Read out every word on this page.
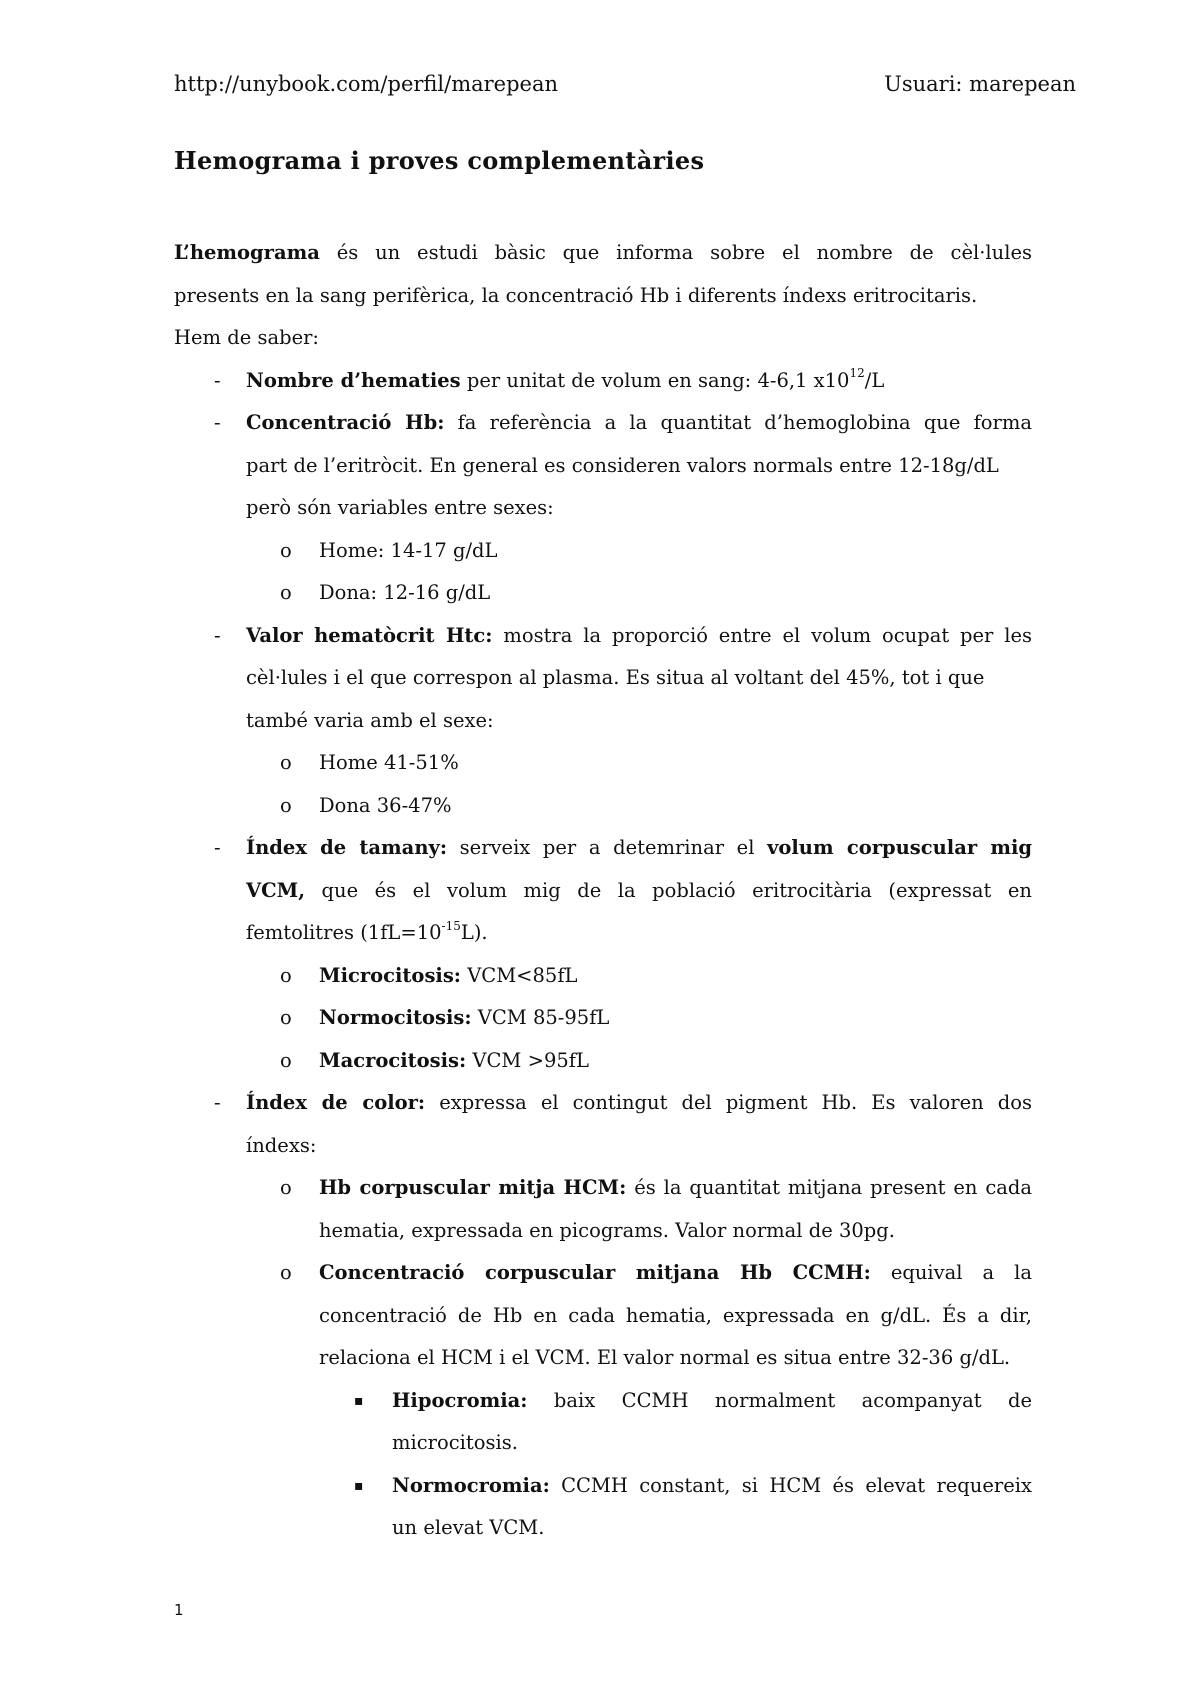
http://unybook.com/perfil/marepean	Usuari: marepean
Hemograma i proves complementàries
L’hemograma és un estudi bàsic que informa sobre el nombre de cèl·lules
presents en la sang perifèrica, la concentració Hb i diferents índexs eritrocitaris.
Hem de saber:
- Nombre d’hematies per unitat de volum en sang: 4-6,1 $x10^{12}/L$
- Concentració Hb: fa referència a la quantitat d’hemoglobina que forma
part de l’eritròcit. En general es consideren valors normals entre 12-18g/dL
però són variables entre sexes:
o Home: 14-17 g/dL
o Dona: 12-16 g/dL
- Valor hematòcrit Htc: mostra la proporció entre el volum ocupat per les
cèl·lules i el que correspon al plasma. Es situa al voltant del 45%, tot i que
també varia amb el sexe:
o Home 41-51%
o Dona 36-47%
- Índex de tamany: serveix per a detemrinar el volum corpuscular mig
VCM, que és el volum mig de la població eritrocitària (expressat en
femtolitres $(1fL=10^{-15}L)$.
o Microcitosis: VCM<85fL
o Normocitosis: VCM 85-95fL
o Macrocitosis: VCM >95fL
- Índex de color: expressa el contingut del pigment Hb. Es valoren dos
índexs:
o Hb corpuscular mitja HCM: és la quantitat mitjana present en cada
hematia, expressada en picograms. Valor normal de 30pg.
o Concentració corpuscular mitjana Hb CCMH: equival a la
concentració de Hb en cada hematia, expressada en g/dL. És a dir,
relaciona el HCM i el VCM. El valor normal es situa entre 32-36 g/dL.
▪ Hipocromia: baix CCMH normalment acompanyat de
microcitosis.
▪ Normocromia: CCMH constant, si HCM és elevat requereix
un elevat VCM.
1
